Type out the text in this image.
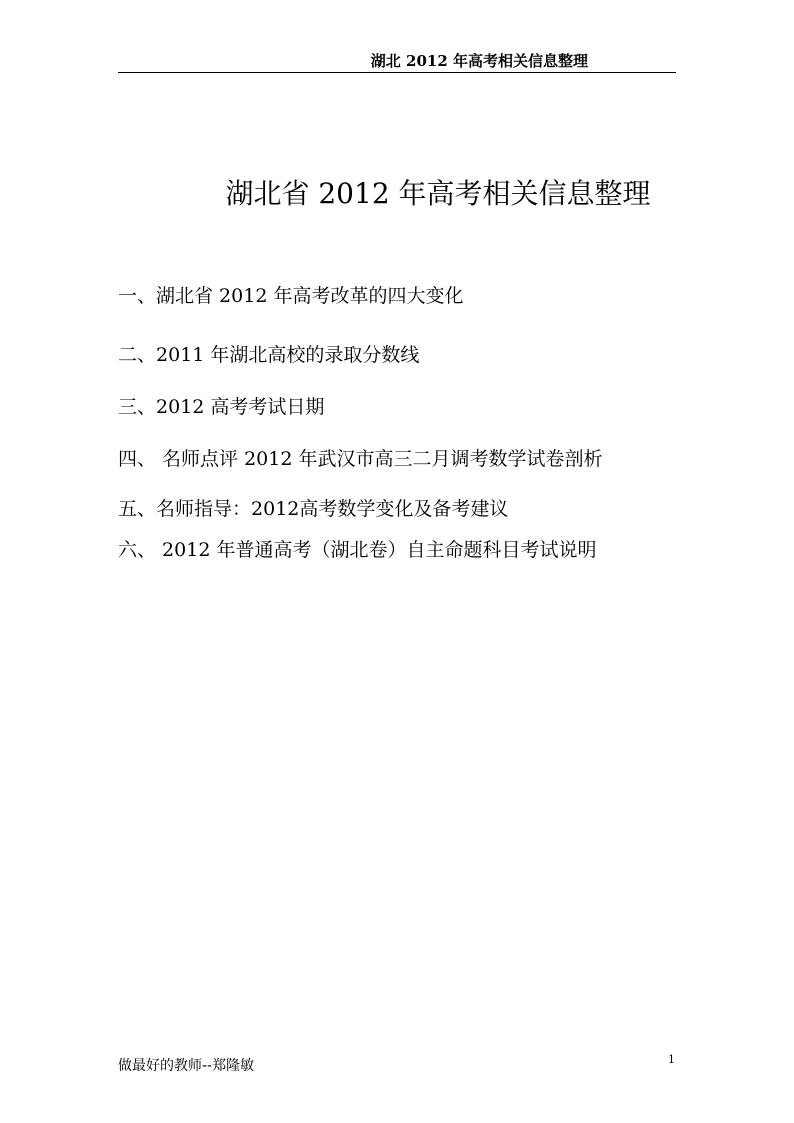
湖北 2012 年高考相关信息整理
湖北省 2012 年高考相关信息整理
一、湖北省 2012 年高考改革的四大变化
二、2011 年湖北高校的录取分数线
三、2012 高考考试日期
四、 名师点评 2012 年武汉市高三二月调考数学试卷剖析
五、名师指导：2012高考数学变化及备考建议
六、 2012 年普通高考（湖北卷）自主命题科目考试说明
做最好的教师--郑隆敏	1
